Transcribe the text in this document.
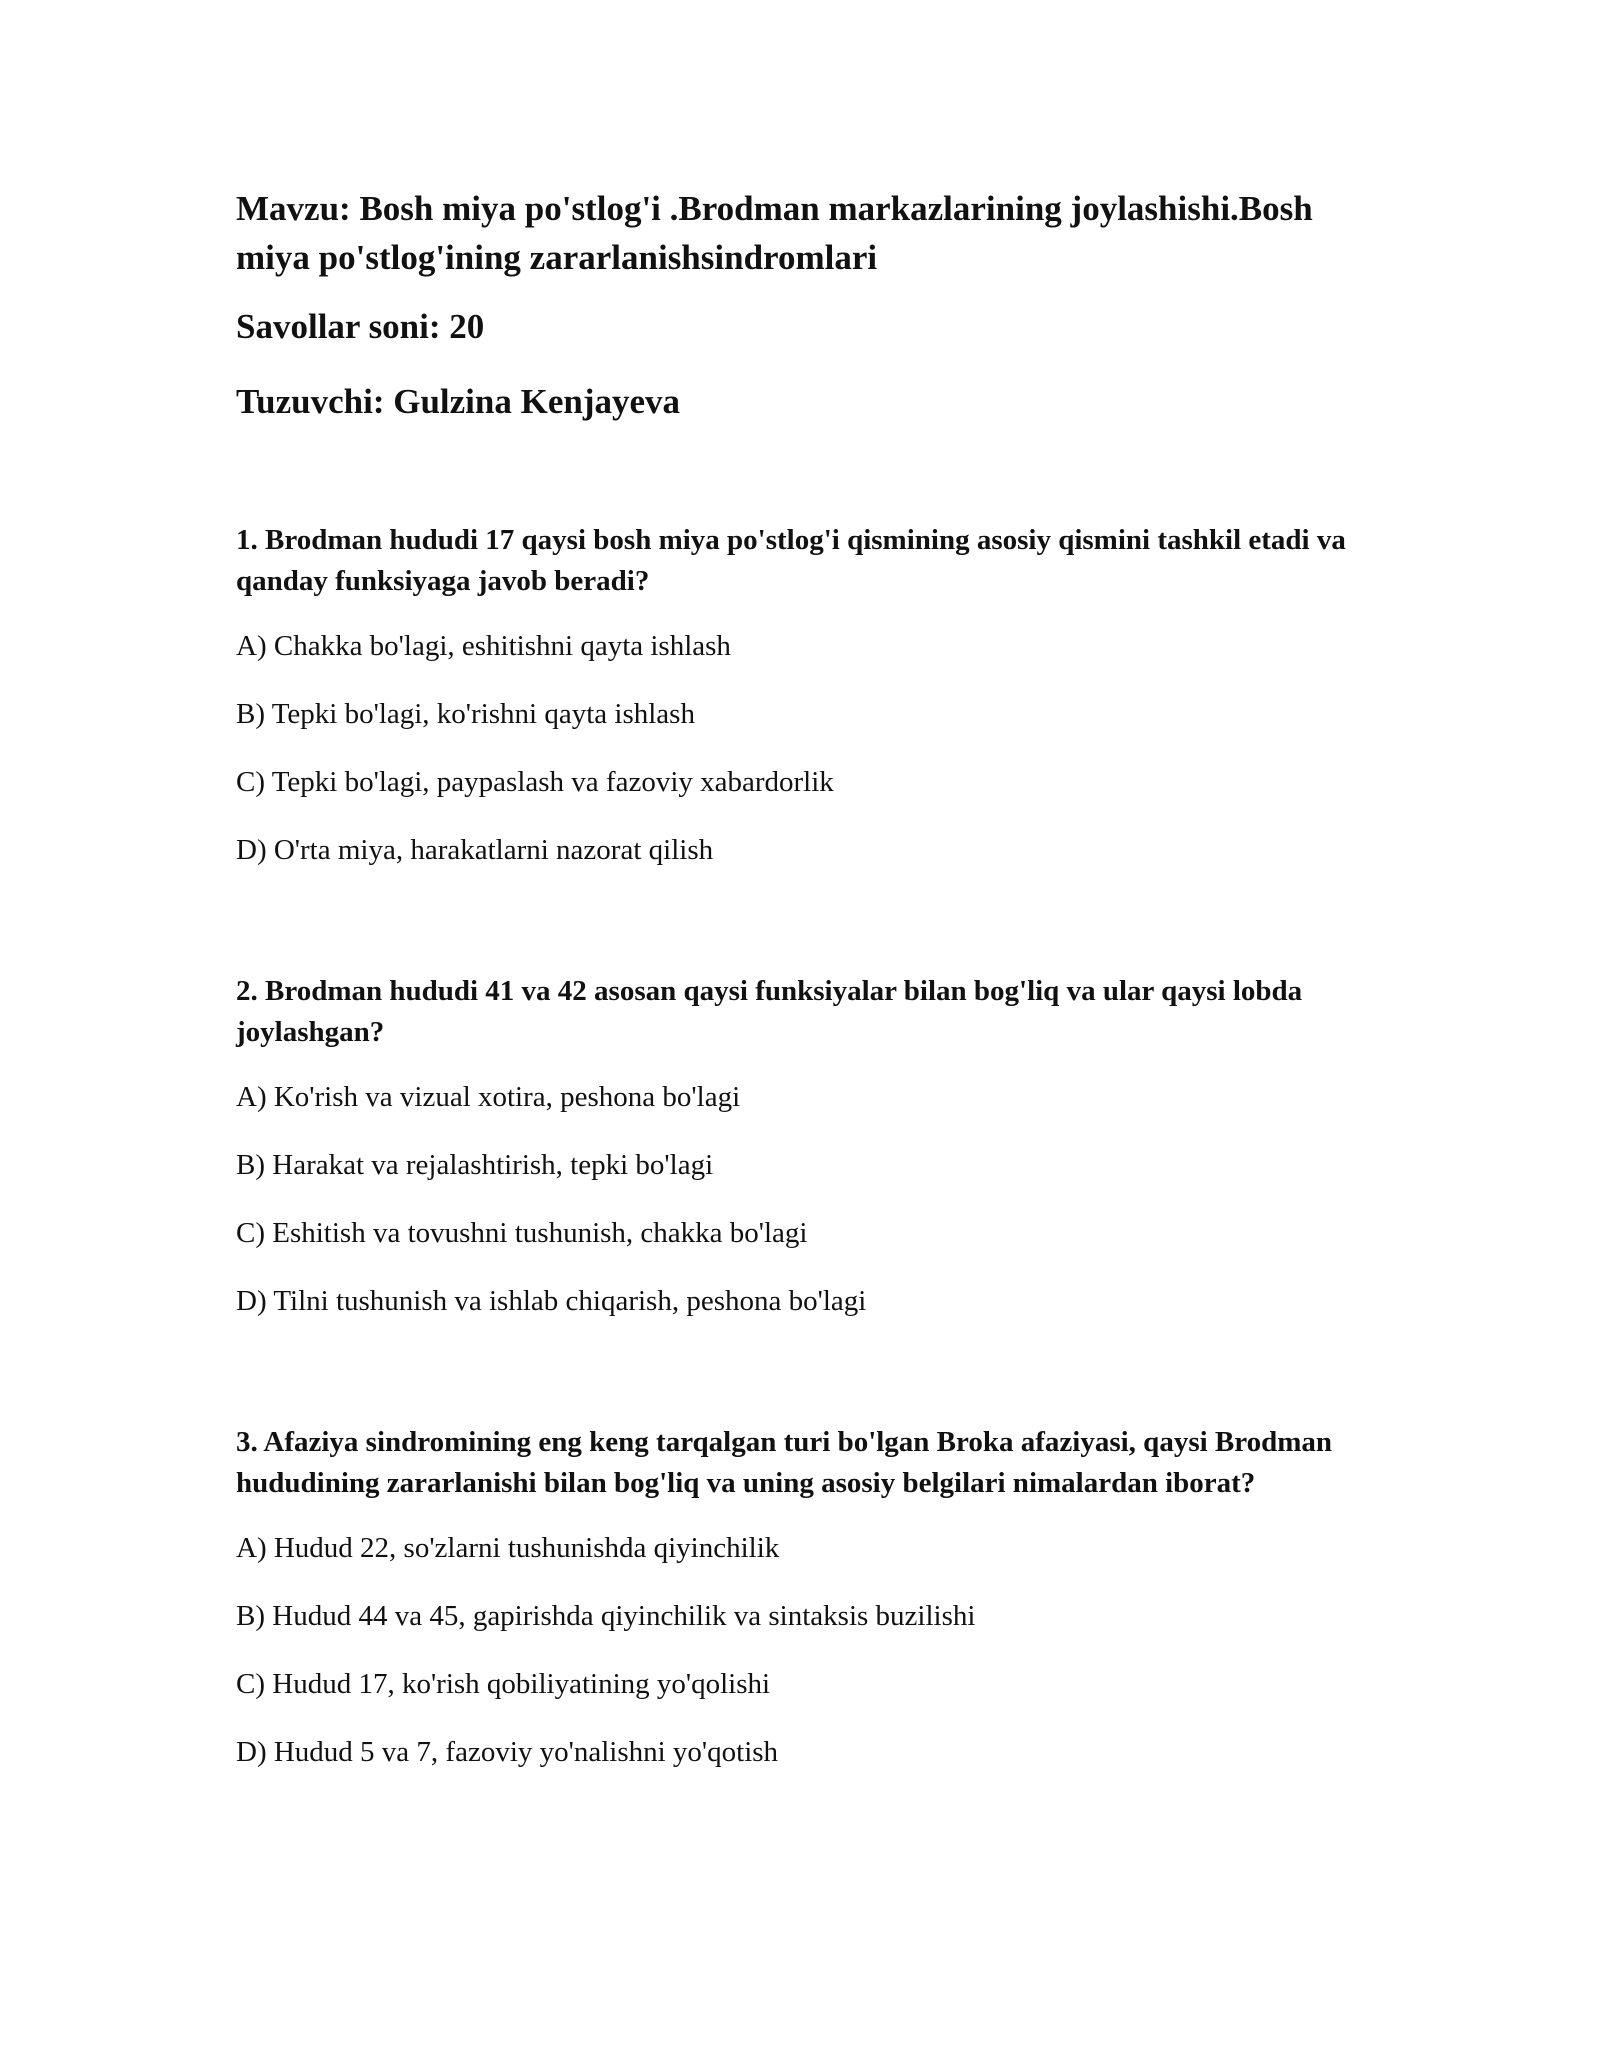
Mavzu: Bosh miya po'stlog'i .Brodman markazlarining joylashishi.Bosh miya po'stlog'ining zararlanishsindromlari

Savollar soni: 20

Tuzuvchi: Gulzina Kenjayeva

1. Brodman hududi 17 qaysi bosh miya po'stlog'i qismining asosiy qismini tashkil etadi va qanday funksiyaga javob beradi?

A) Chakka bo'lagi, eshitishni qayta ishlash

B) Tepki bo'lagi, ko'rishni qayta ishlash

C) Tepki bo'lagi, paypaslash va fazoviy xabardorlik

D) O'rta miya, harakatlarni nazorat qilish

2. Brodman hududi 41 va 42 asosan qaysi funksiyalar bilan bog'liq va ular qaysi lobda joylashgan?

A) Ko'rish va vizual xotira, peshona bo'lagi

B) Harakat va rejalashtirish, tepki bo'lagi

C) Eshitish va tovushni tushunish, chakka bo'lagi

D) Tilni tushunish va ishlab chiqarish, peshona bo'lagi

3. Afaziya sindromining eng keng tarqalgan turi bo'lgan Broka afaziyasi, qaysi Brodman hududining zararlanishi bilan bog'liq va uning asosiy belgilari nimalardan iborat?

A) Hudud 22, so'zlarni tushunishda qiyinchilik

B) Hudud 44 va 45, gapirishda qiyinchilik va sintaksis buzilishi

C) Hudud 17, ko'rish qobiliyatining yo'qolishi

D) Hudud 5 va 7, fazoviy yo'nalishni yo'qotish
